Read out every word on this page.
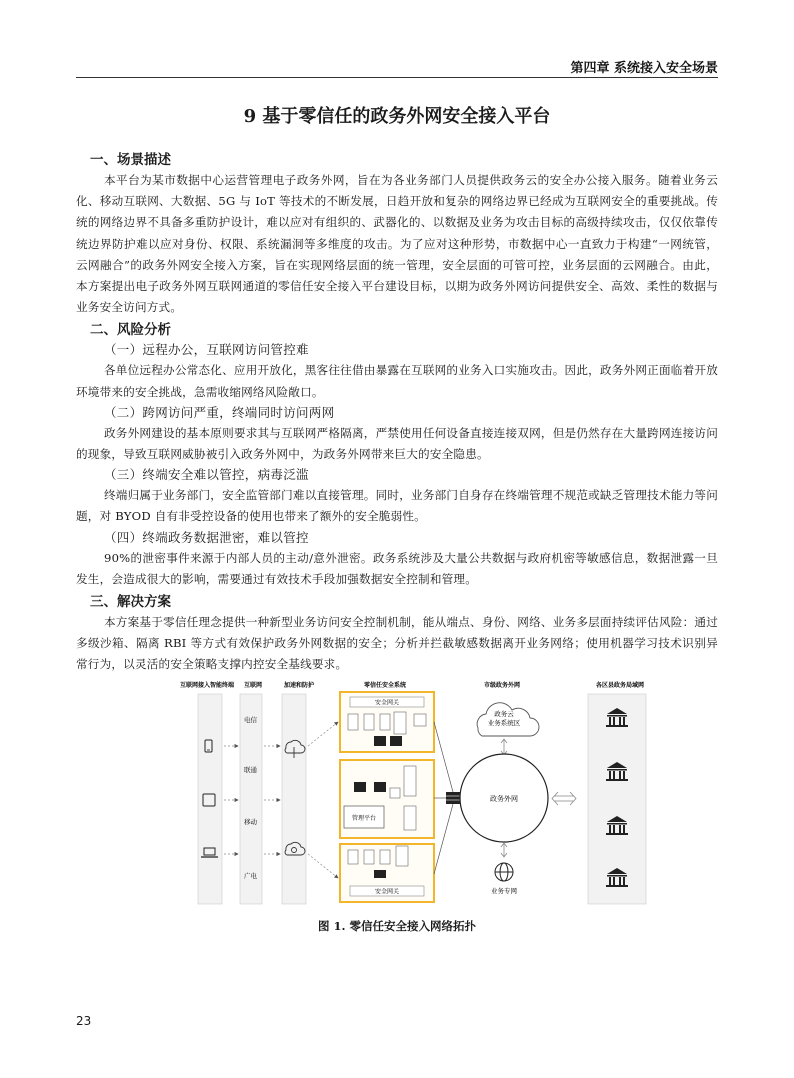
第四章 系统接入安全场景
9 基于零信任的政务外网安全接入平台
一、场景描述

本平台为某市数据中心运营管理电子政务外网，旨在为各业务部门人员提供政务云的安全办公接入服务。随着业务云化、移动互联网、大数据、5G 与 IoT 等技术的不断发展，日趋开放和复杂的网络边界已经成为互联网安全的重要挑战。传统的网络边界不具备多重防护设计，难以应对有组织的、武器化的、以数据及业务为攻击目标的高级持续攻击，仅仅依靠传统边界防护难以应对身份、权限、系统漏洞等多维度的攻击。为了应对这种形势，市数据中心一直致力于构建“一网统管，云网融合”的政务外网安全接入方案，旨在实现网络层面的统一管理，安全层面的可管可控，业务层面的云网融合。由此，本方案提出电子政务外网互联网通道的零信任安全接入平台建设目标，以期为政务外网访问提供安全、高效、柔性的数据与业务安全访问方式。

二、风险分析
（一）远程办公，互联网访问管控难

各单位远程办公常态化、应用开放化，黑客往往借由暴露在互联网的业务入口实施攻击。因此，政务外网正面临着开放环境带来的安全挑战，急需收缩网络风险敞口。

（二）跨网访问严重，终端同时访问两网

政务外网建设的基本原则要求其与互联网严格隔离，严禁使用任何设备直接连接双网，但是仍然存在大量跨网连接访问的现象，导致互联网威胁被引入政务外网中，为政务外网带来巨大的安全隐患。

（三）终端安全难以管控，病毒泛滥

终端归属于业务部门，安全监管部门难以直接管理。同时，业务部门自身存在终端管理不规范或缺乏管理技术能力等问题，对 BYOD 自有非受控设备的使用也带来了额外的安全脆弱性。

（四）终端政务数据泄密，难以管控

90%的泄密事件来源于内部人员的主动/意外泄密。政务系统涉及大量公共数据与政府机密等敏感信息，数据泄露一旦发生，会造成很大的影响，需要通过有效技术手段加强数据安全控制和管理。

三、解决方案

本方案基于零信任理念提供一种新型业务访问安全控制机制，能从端点、身份、网络、业务多层面持续评估风险：通过多级沙箱、隔离 RBI 等方式有效保护政务外网数据的安全；分析并拦截敏感数据离开业务网络；使用机器学习技术识别异常行为，以灵活的安全策略支撑内控安全基线要求。

互联网接入智能终端 互联网	加速和防护	零信任安全系统	市级政务外网	各区县政务局域网
电信
联通
移动
广电
安全网关
管理平台
安全网关
政务云
业务系统区
政务外网
业务专网
图 1. 零信任安全接入网络拓扑
23
